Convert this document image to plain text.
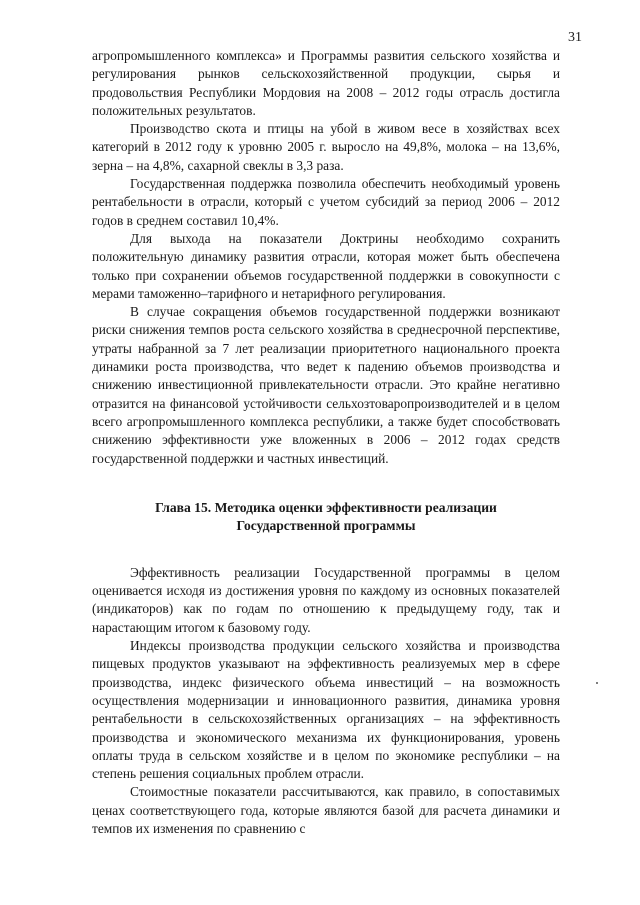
31

агропромышленного комплекса» и Программы развития сельского хозяйства и регулирования рынков сельскохозяйственной продукции, сырья и продовольствия Республики Мордовия на 2008 – 2012 годы отрасль достигла положительных результатов.

Производство скота и птицы на убой в живом весе в хозяйствах всех категорий в 2012 году к уровню 2005 г. выросло на 49,8%, молока – на 13,6%, зерна – на 4,8%, сахарной свеклы в 3,3 раза.

Государственная поддержка позволила обеспечить необходимый уровень рентабельности в отрасли, который с учетом субсидий за период 2006 – 2012 годов в среднем составил 10,4%.

Для выхода на показатели Доктрины необходимо сохранить положительную динамику развития отрасли, которая может быть обеспечена только при сохранении объемов государственной поддержки в совокупности с мерами таможенно–тарифного и нетарифного регулирования.

В случае сокращения объемов государственной поддержки возникают риски снижения темпов роста сельского хозяйства в среднесрочной перспективе, утраты набранной за 7 лет реализации приоритетного национального проекта динамики роста производства, что ведет к падению объемов производства и снижению инвестиционной привлекательности отрасли. Это крайне негативно отразится на финансовой устойчивости сельхозтоваропроизводителей и в целом всего агропромышленного комплекса республики, а также будет способствовать снижению эффективности уже вложенных в 2006 – 2012 годах средств государственной поддержки и частных инвестиций.

Глава 15. Методика оценки эффективности реализации
Государственной программы

Эффективность реализации Государственной программы в целом оценивается исходя из достижения уровня по каждому из основных показателей (индикаторов) как по годам по отношению к предыдущему году, так и нарастающим итогом к базовому году.

Индексы производства продукции сельского хозяйства и производства пищевых продуктов указывают на эффективность реализуемых мер в сфере производства, индекс физического объема инвестиций – на возможность осуществления модернизации и инновационного развития, динамика уровня рентабельности в сельскохозяйственных организациях – на эффективность производства и экономического механизма их функционирования, уровень оплаты труда в сельском хозяйстве и в целом по экономике республики – на степень решения социальных проблем отрасли.

Стоимостные показатели рассчитываются, как правило, в сопоставимых ценах соответствующего года, которые являются базой для расчета динамики и темпов их изменения по сравнению с
